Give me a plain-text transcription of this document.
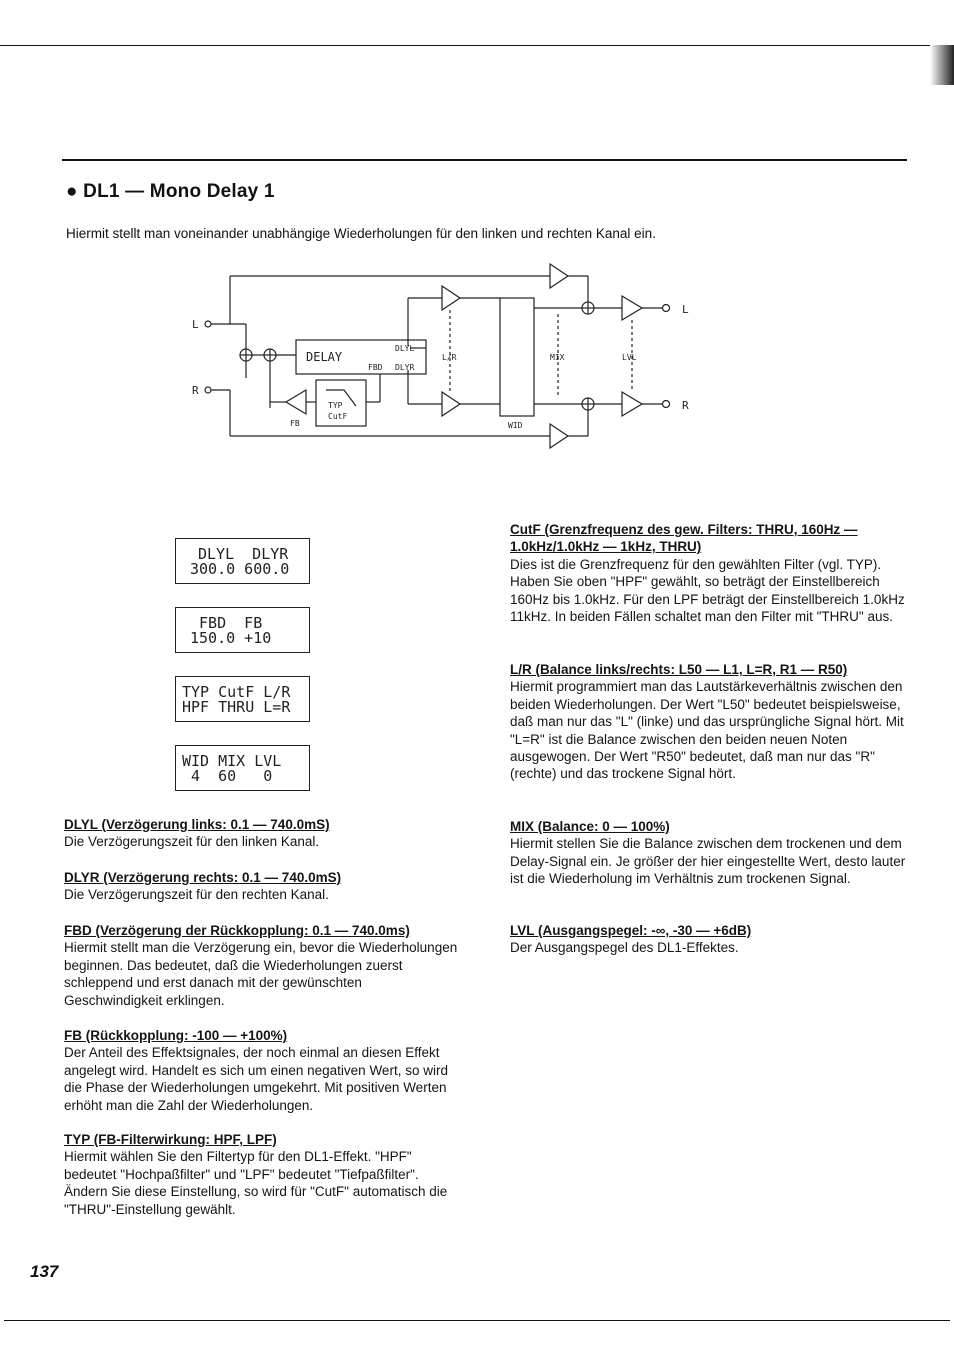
● DL1 — Mono Delay 1
Hiermit stellt man voneinander unabhängige Wiederholungen für den linken und rechten Kanal ein.
L
R
DELAY
DLYL
FBD DLYR
TYP
CutF
FB
L/R
WID
MIX	LVL
L
R
DLYL  DLYR
300.0 600.0
FBD  FB
150.0 +10
TYP CutF L/R
HPF THRU L=R
WID MIX LVL
4  60   0
DLYL (Verzögerung links: 0.1 — 740.0mS)
Die Verzögerungszeit für den linken Kanal.
DLYR (Verzögerung rechts: 0.1 — 740.0mS)
Die Verzögerungszeit für den rechten Kanal.
FBD (Verzögerung der Rückkopplung: 0.1 — 740.0ms)
Hiermit stellt man die Verzögerung ein, bevor die Wiederholungen beginnen. Das bedeutet, daß die Wiederholungen zuerst schleppend und erst danach mit der gewünschten Geschwindigkeit erklingen.
FB (Rückkopplung: -100 — +100%)
Der Anteil des Effektsignales, der noch einmal an diesen Effekt angelegt wird. Handelt es sich um einen negativen Wert, so wird die Phase der Wiederholungen umgekehrt. Mit positiven Werten erhöht man die Zahl der Wiederholungen.
TYP (FB-Filterwirkung: HPF, LPF)
Hiermit wählen Sie den Filtertyp für den DL1-Effekt. "HPF" bedeutet "Hochpaßfilter" und "LPF" bedeutet "Tiefpaßfilter". Ändern Sie diese Einstellung, so wird für "CutF" automatisch die "THRU"-Einstellung gewählt.
CutF (Grenzfrequenz des gew. Filters: THRU, 160Hz — 1.0kHz/1.0kHz — 1kHz, THRU)
Dies ist die Grenzfrequenz für den gewählten Filter (vgl. TYP). Haben Sie oben "HPF" gewählt, so beträgt der Einstellbereich 160Hz bis 1.0kHz. Für den LPF beträgt der Einstellbereich 1.0kHz 11kHz. In beiden Fällen schaltet man den Filter mit "THRU" aus.
L/R (Balance links/rechts: L50 — L1, L=R, R1 — R50)
Hiermit programmiert man das Lautstärkeverhältnis zwischen den beiden Wiederholungen. Der Wert "L50" bedeutet beispielsweise, daß man nur das "L" (linke) und das ursprüngliche Signal hört. Mit "L=R" ist die Balance zwischen den beiden neuen Noten ausgewogen. Der Wert "R50" bedeutet, daß man nur das "R" (rechte) und das trockene Signal hört.
MIX (Balance: 0 — 100%)
Hiermit stellen Sie die Balance zwischen dem trockenen und dem Delay-Signal ein. Je größer der hier eingestellte Wert, desto lauter ist die Wiederholung im Verhältnis zum trockenen Signal.
LVL (Ausgangspegel: -∞, -30 — +6dB)
Der Ausgangspegel des DL1-Effektes.
137
